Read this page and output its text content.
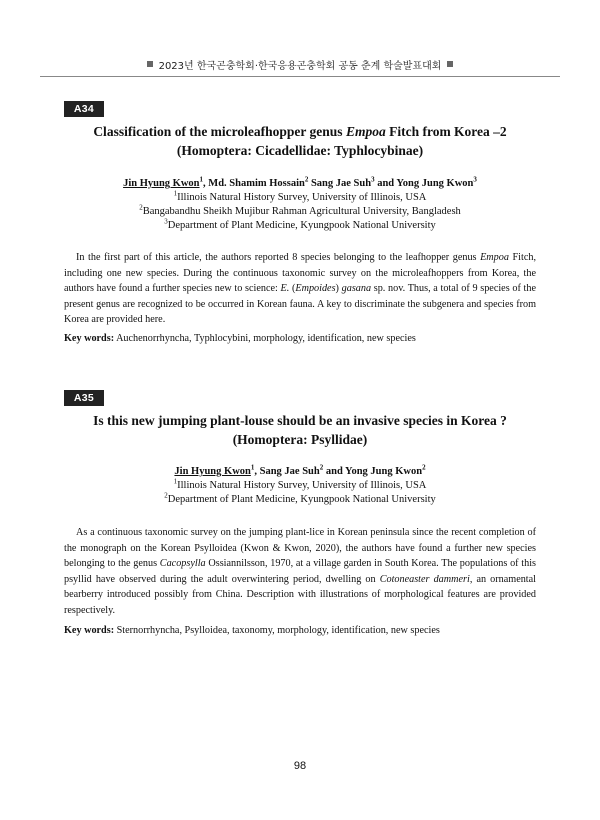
2023년 한국곤충학회·한국응용곤충학회 공동 춘계 학술발표대회
A34
Classification of the microleafhopper genus Empoa Fitch from Korea –2
(Homoptera: Cicadellidae: Typhlocybinae)
Jin Hyung Kwon$^1$, Md. Shamim Hossain$^2$ Sang Jae Suh$^3$ and Yong Jung Kwon$^3$
$^1$Illinois Natural History Survey, University of Illinois, USA
$^2$Bangabandhu Sheikh Mujibur Rahman Agricultural University, Bangladesh
$^3$Department of Plant Medicine, Kyungpook National University

In the first part of this article, the authors reported 8 species belonging to the leafhopper genus Empoa Fitch, including one new species. During the continuous taxonomic survey on the microleafhoppers from Korea, the authors have found a further species new to science: E. (Empoides) gasana sp. nov. Thus, a total of 9 species of the present genus are recognized to be occurred in Korean fauna. A key to discriminate the subgenera and species from Korea are provided here.

Key words: Auchenorrhyncha, Typhlocybini, morphology, identification, new species
A35
Is this new jumping plant-louse should be an invasive species in Korea ?
(Homoptera: Psyllidae)
Jin Hyung Kwon$^1$, Sang Jae Suh$^2$ and Yong Jung Kwon$^2$
$^1$Illinois Natural History Survey, University of Illinois, USA
$^2$Department of Plant Medicine, Kyungpook National University

As a continuous taxonomic survey on the jumping plant-lice in Korean peninsula since the recent completion of the monograph on the Korean Psylloidea (Kwon & Kwon, 2020), the authors have found a further new species belonging to the genus Cacopsylla Ossiannilsson, 1970, at a village garden in South Korea. The populations of this psyllid have observed during the adult overwintering period, dwelling on Cotoneaster dammeri, an ornamental bearberry introduced possibly from China. Description with illustrations of morphological features are provided respectively.

Key words: Sternorrhyncha, Psylloidea, taxonomy, morphology, identification, new species
98
